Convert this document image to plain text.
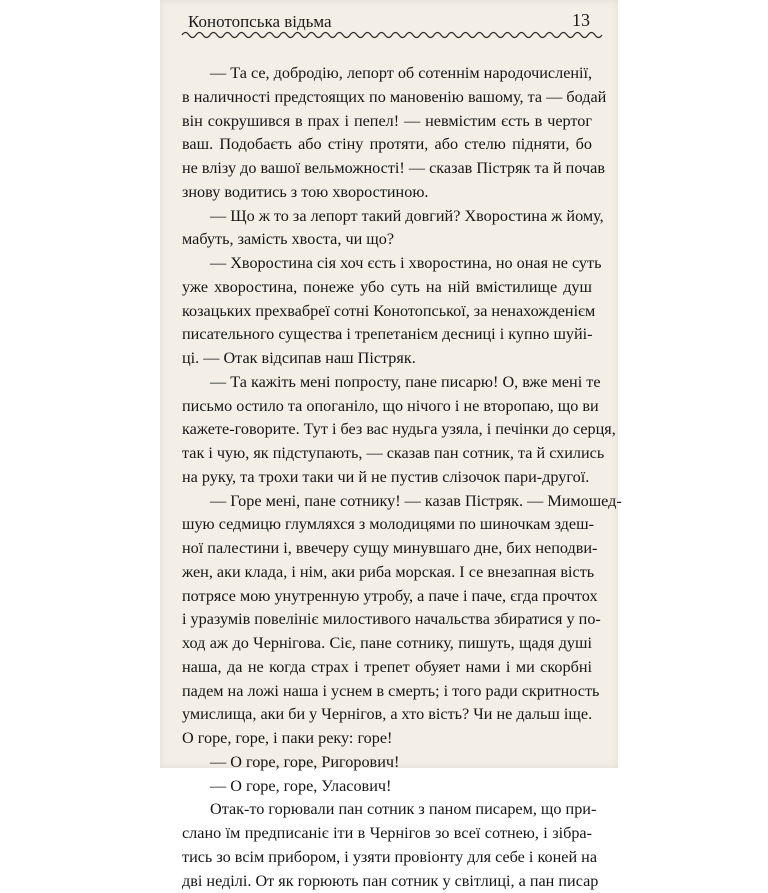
Конотопська відьма	13
— Та се, добродію, лепорт об сотеннім народочисленії,
в наличності предстоящих по мановенію вашому, та — бодай
він сокрушився в прах і пепел! — невмістим єсть в чертог
ваш. Подобаєть або стіну протяти, або стелю підняти, бо
не влізу до вашої вельможності! — сказав Пістряк та й почав
знову водитись з тою хворостиною.
— Що ж то за лепорт такий довгий? Хворостина ж йому,
мабуть, замість хвоста, чи що?
— Хворостина сія хоч єсть і хворостина, но оная не суть
уже хворостина, понеже убо суть на ній вмістилище душ
козацьких прехвабреї сотні Конотопської, за ненахожденієм
писательного существа і трепетанієм десниці і купно шуйі-
ці. — Отак відсипав наш Пістряк.
— Та кажіть мені попросту, пане писарю! О, вже мені те
письмо остило та опоганіло, що нічого і не второпаю, що ви
кажете-говорите. Тут і без вас нудьга узяла, і печінки до серця,
так і чую, як підступають, — сказав пан сотник, та й схились
на руку, та трохи таки чи й не пустив слізочок пари-другої.
— Горе мені, пане сотнику! — казав Пістряк. — Мимошед-
шую седмицю глумляхся з молодицями по шиночкам здеш-
ної палестини і, ввечеру сущу минувшаго дне, бих неподви-
жен, аки клада, і нім, аки риба морская. І се внезапная вість
потрясе мою унутренную утробу, а паче і паче, єгда прочтох
і уразумів повелініє милостивого начальства збиратися у по-
ход аж до Чернігова. Сіє, пане сотнику, пишуть, щадя душі
наша, да не когда страх і трепет обуяет нами і ми скорбні
падем на ложі наша і уснем в смерть; і того ради скритность
умислища, аки би у Чернігов, а хто вість? Чи не дальш іще.
О горе, горе, і паки реку: горе!
— О горе, горе, Ригорович!
— О горе, горе, Уласович!
Отак-то горювали пан сотник з паном писарем, що при-
слано їм предписаніє іти в Чернігов зо всеї сотнею, і зібра-
тись зо всім прибором, і узяти провіонту для себе і коней на
дві неділі. От як горюють пан сотник у світлиці, а пан писар
